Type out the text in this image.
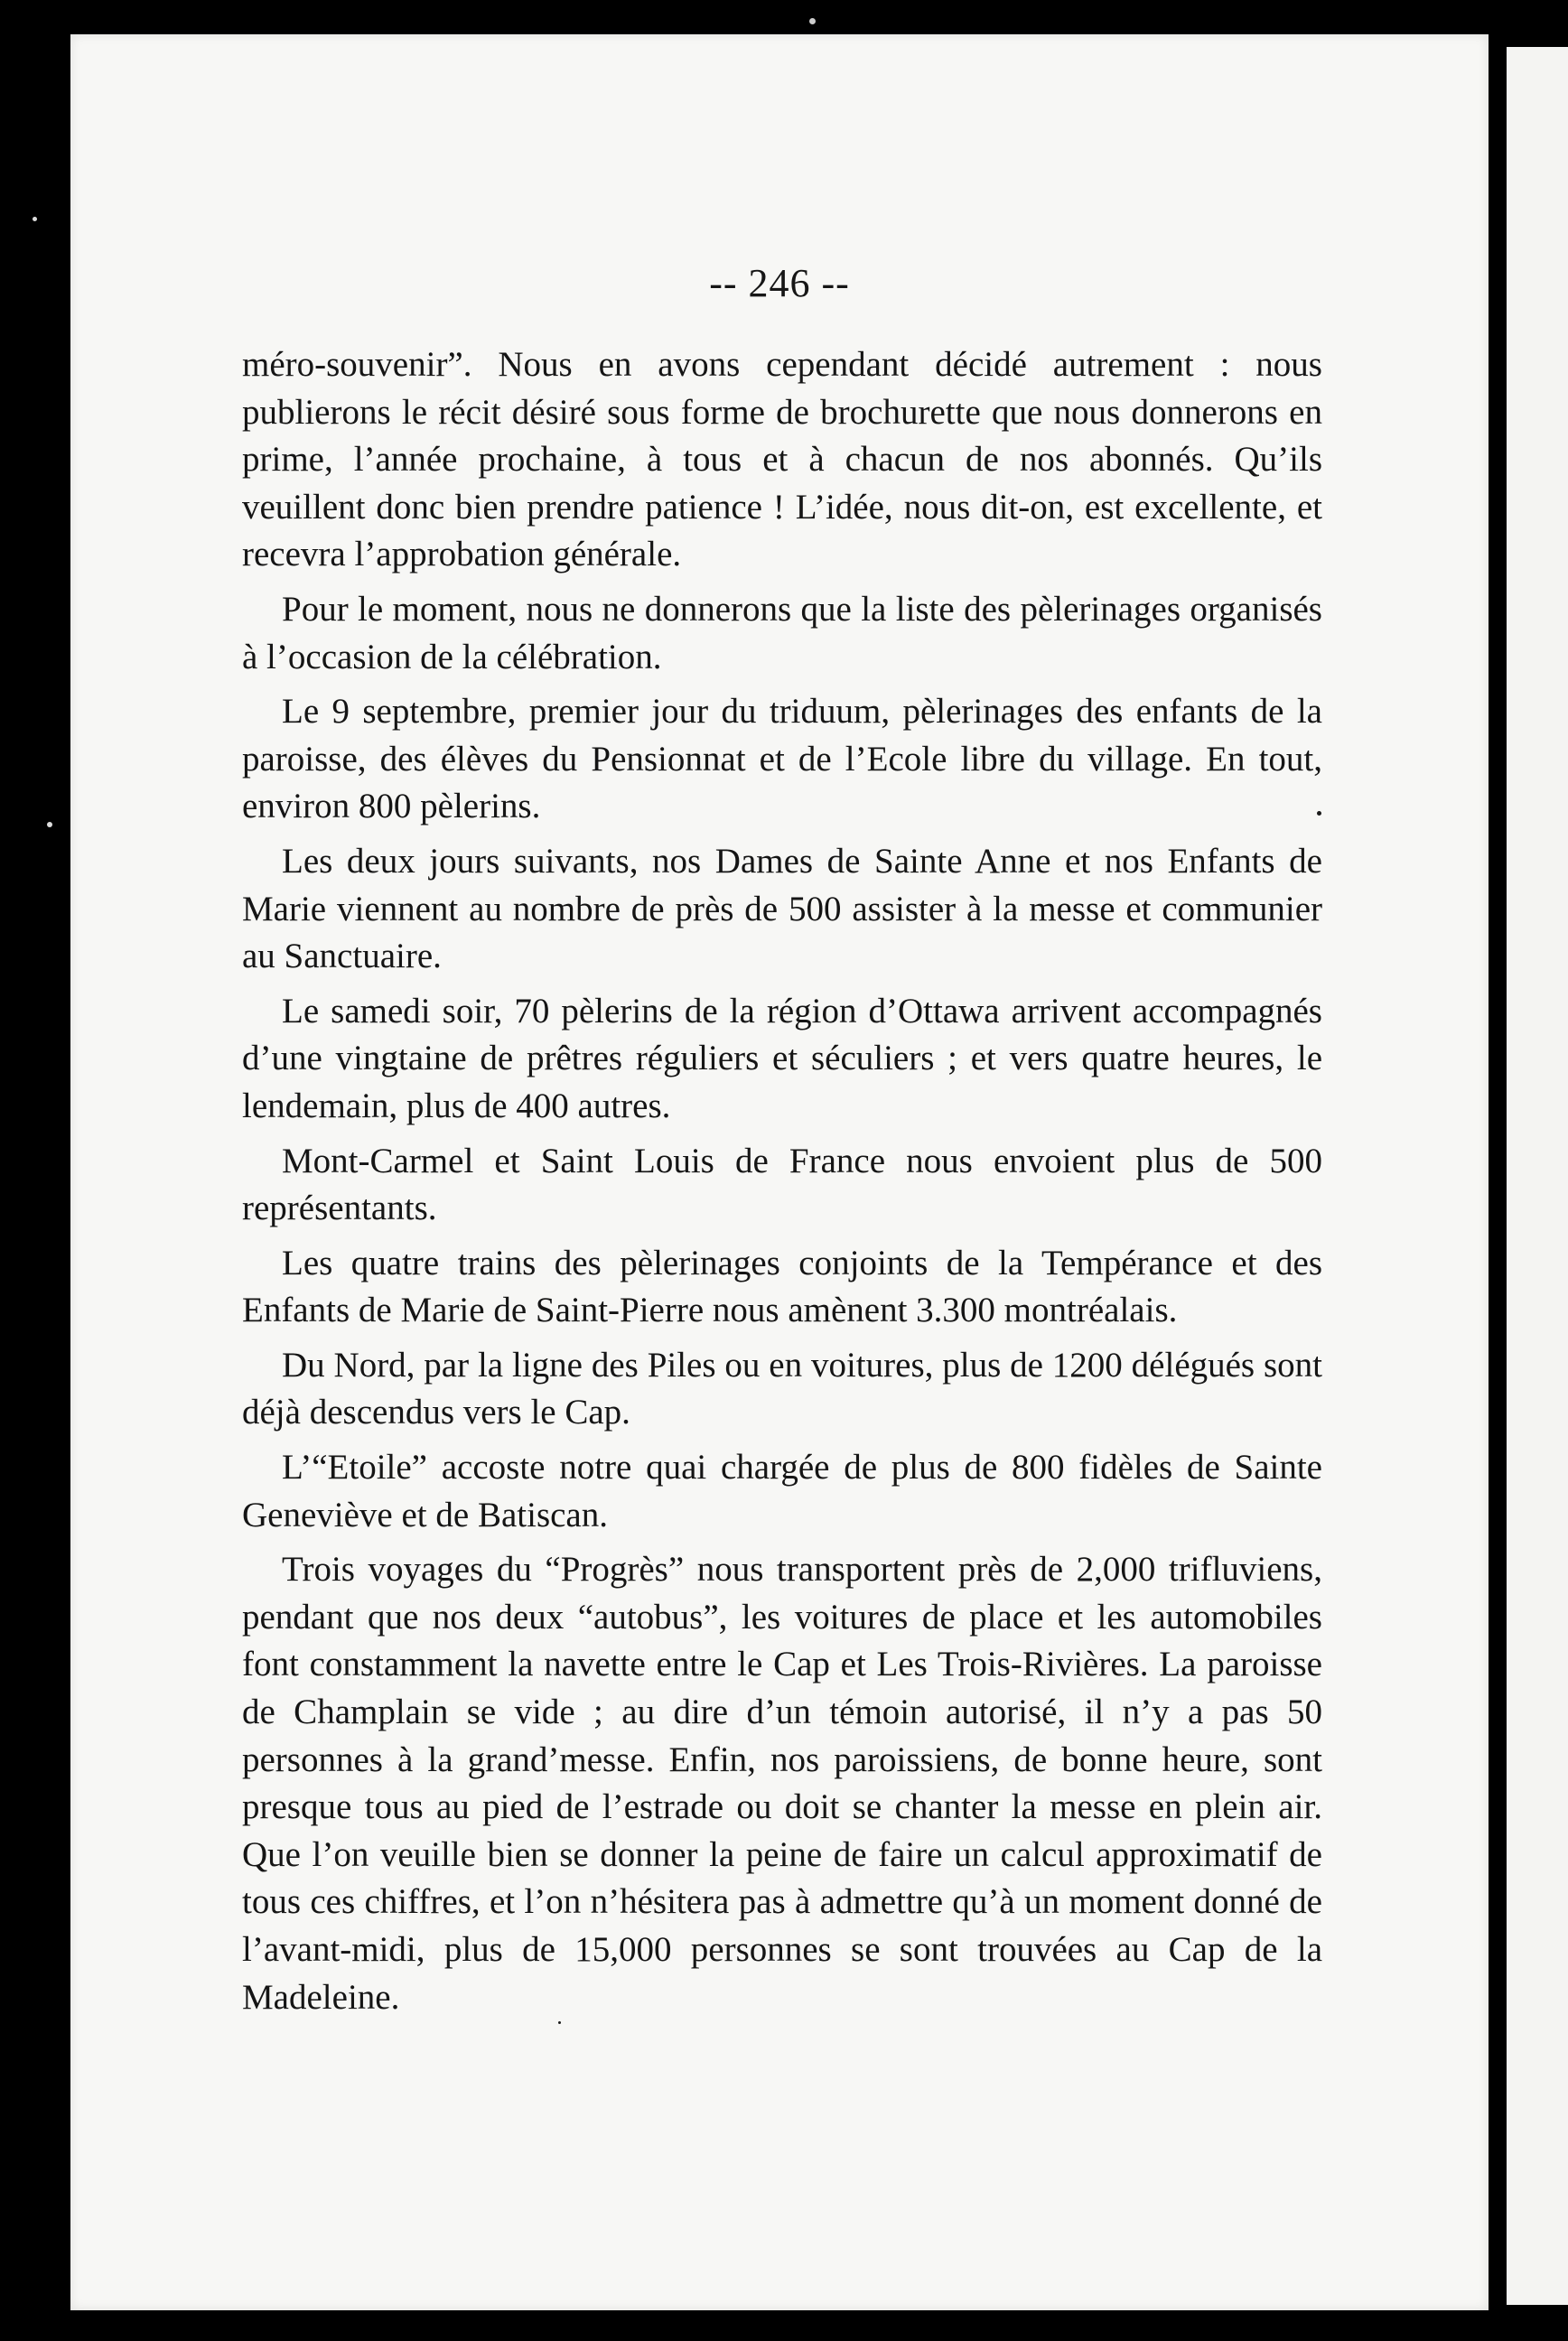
-- 246 --

méro-souvenir”. Nous en avons cependant décidé autrement : nous publierons le récit désiré sous forme de brochurette que nous donnerons en prime, l’année prochaine, à tous et à chacun de nos abonnés. Qu’ils veuillent donc bien prendre patience ! L’idée, nous dit-on, est excellente, et recevra l’approbation générale.

Pour le moment, nous ne donnerons que la liste des pèlerinages organisés à l’occasion de la célébration.

Le 9 septembre, premier jour du triduum, pèlerinages des enfants de la paroisse, des élèves du Pensionnat et de l’Ecole libre du village. En tout, environ 800 pèlerins.

Les deux jours suivants, nos Dames de Sainte Anne et nos Enfants de Marie viennent au nombre de près de 500 assister à la messe et communier au Sanctuaire.

Le samedi soir, 70 pèlerins de la région d’Ottawa arrivent accompagnés d’une vingtaine de prêtres réguliers et séculiers ; et vers quatre heures, le lendemain, plus de 400 autres.

Mont-Carmel et Saint Louis de France nous envoient plus de 500 représentants.

Les quatre trains des pèlerinages conjoints de la Tempérance et des Enfants de Marie de Saint-Pierre nous amènent 3.300 montréalais.

Du Nord, par la ligne des Piles ou en voitures, plus de 1200 délégués sont déjà descendus vers le Cap.

L’“Etoile” accoste notre quai chargée de plus de 800 fidèles de Sainte Geneviève et de Batiscan.

Trois voyages du “Progrès” nous transportent près de 2,000 trifluviens, pendant que nos deux “autobus”, les voitures de place et les automobiles font constamment la navette entre le Cap et Les Trois-Rivières. La paroisse de Champlain se vide ; au dire d’un témoin autorisé, il n’y a pas 50 personnes à la grand’messe. Enfin, nos paroissiens, de bonne heure, sont presque tous au pied de l’estrade ou doit se chanter la messe en plein air. Que l’on veuille bien se donner la peine de faire un calcul approximatif de tous ces chiffres, et l’on n’hésitera pas à admettre qu’à un moment donné de l’avant-midi, plus de 15,000 personnes se sont trouvées au Cap de la Madeleine.
